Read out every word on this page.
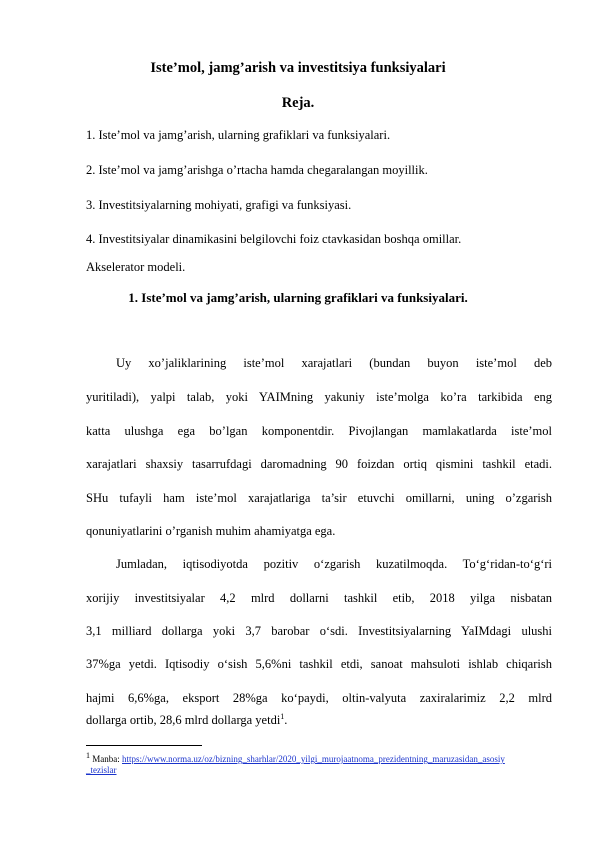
Iste’mol, jamg’arish va investitsiya funksiyalari
Reja.
1. Iste’mol va jamg’arish, ularning grafiklari va funksiyalari.
2. Iste’mol va jamg’arishga o’rtacha hamda chegaralangan moyillik.
3. Investitsiyalarning mohiyati, grafigi va funksiyasi.
4. Investitsiyalar dinamikasini belgilovchi foiz ctavkasidan boshqa omillar.
Akselerator modeli.
1. Iste’mol va jamg’arish, ularning grafiklari va funksiyalari.
Uy xo’jaliklarining iste’mol xarajatlari (bundan buyon iste’mol deb
yuritiladi), yalpi talab, yoki YAIMning yakuniy iste’molga ko’ra tarkibida eng
katta ulushga ega bo’lgan komponentdir. Pivojlangan mamlakatlarda iste’mol
xarajatlari shaxsiy tasarrufdagi daromadning 90 foizdan ortiq qismini tashkil etadi.
SHu tufayli ham iste’mol xarajatlariga ta’sir etuvchi omillarni, uning o’zgarish
qonuniyatlarini o’rganish muhim ahamiyatga ega.
Jumladan, iqtisodiyotda pozitiv o‘zgarish kuzatilmoqda. To‘g‘ridan-to‘g‘ri
xorijiy investitsiyalar 4,2 mlrd dollarni tashkil etib, 2018 yilga nisbatan
3,1 milliard dollarga yoki 3,7 barobar o‘sdi. Investitsiyalarning YaIMdagi ulushi
37%ga yetdi. Iqtisodiy o‘sish 5,6%ni tashkil etdi, sanoat mahsuloti ishlab chiqarish
hajmi 6,6%ga, eksport 28%ga ko‘paydi, oltin-valyuta zaxiralarimiz 2,2 mlrd
dollarga ortib, 28,6 mlrd dollarga yetdi$^1$.
$^1$ Manba: https://www.norma.uz/oz/bizning_sharhlar/2020_yilgi_murojaatnoma_prezidentning_maruzasidan_asosiy
_tezislar
